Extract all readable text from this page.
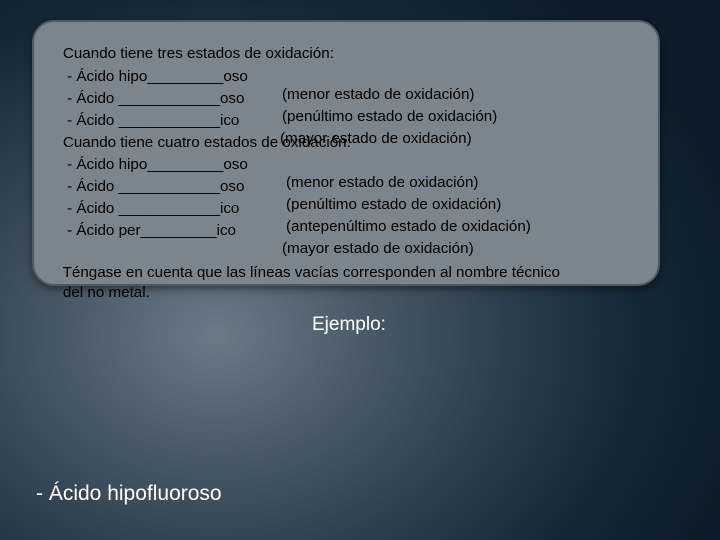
Cuando tiene tres estados de oxidación:

- Ácido hipo_________oso

(menor estado de oxidación)

- Ácido ____________oso

(penúltimo estado de oxidación)

- Ácido ____________ico

(mayor estado de oxidación)

Cuando tiene cuatro estados de oxidación:

- Ácido hipo_________oso

(menor estado de oxidación)

- Ácido ____________oso

(penúltimo estado de oxidación)

- Ácido ____________ico

(antepenúltimo estado de oxidación)

- Ácido per_________ico

(mayor estado de oxidación)

Téngase en cuenta que las líneas vacías corresponden al nombre técnico

del no metal.

Ejemplo:
- Ácido hipofluoroso
